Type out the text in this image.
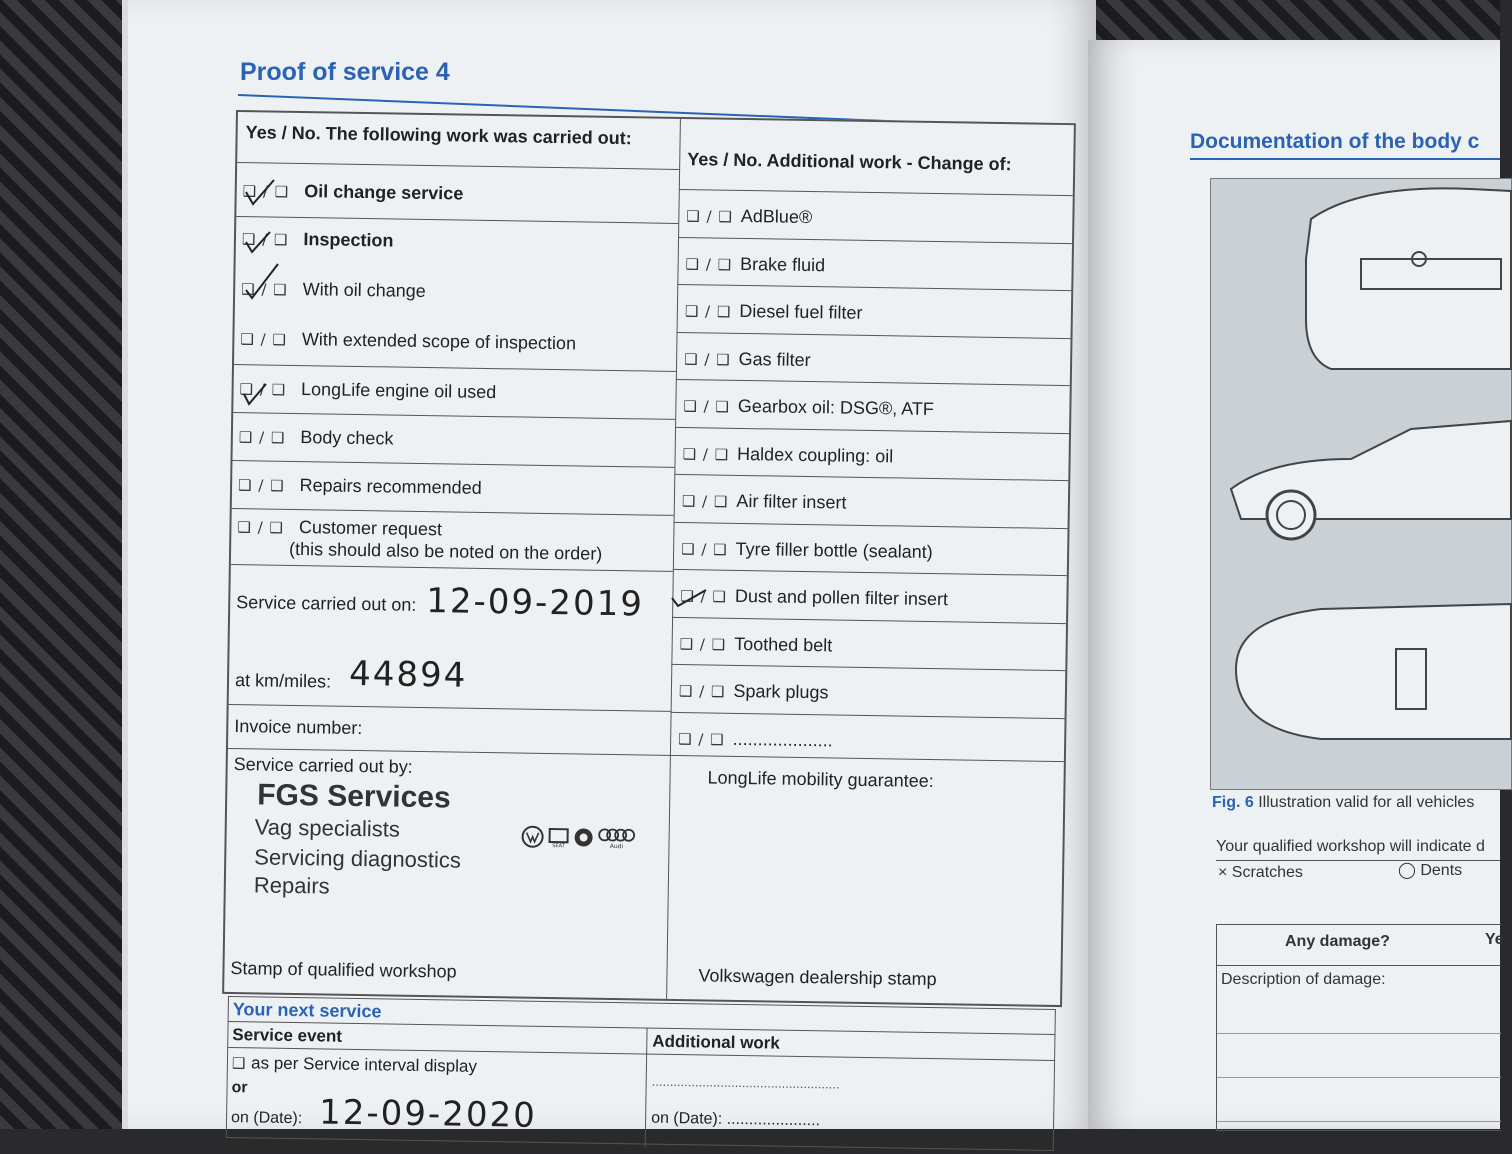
Proof of service 4
Yes / No. The following work was carried out:
Yes / No. Additional work - Change of:
❑ / ❑ Oil change service
❑ / ❑ Inspection
❑ / ❑ With oil change
❑ / ❑ With extended scope of inspection
❑ / ❑ LongLife engine oil used
❑ / ❑ Body check
❑ / ❑ Repairs recommended
❑ / ❑ Customer request
(this should also be noted on the order)
Service carried out on: 12-09-2019
at km/miles: 44894
Invoice number:
Service carried out by:
LongLife mobility guarantee:
FGS Services
Vag specialists
Servicing diagnostics
Repairs
SEAT	Audi
Stamp of qualified workshop	Volkswagen dealership stamp
❑ / ❑ AdBlue®
❑ / ❑ Brake fluid
❑ / ❑ Diesel fuel filter
❑ / ❑ Gas filter
❑ / ❑ Gearbox oil: DSG®, ATF
❑ / ❑ Haldex coupling: oil
❑ / ❑ Air filter insert
❑ / ❑ Tyre filler bottle (sealant)
❑ / ❑ Dust and pollen filter insert
❑ / ❑ Toothed belt
❑ / ❑ Spark plugs
❑ / ❑ ....................
Your next service
Service event	Additional work
❑ as per Service interval display
or	....................................................
on (Date): 12-09-2020	on (Date): .....................
Documentation of the body c
Fig. 6 Illustration valid for all vehicles
Your qualified workshop will indicate d
× Scratches	◯ Dents
Any damage?	Ye
Description of damage:
